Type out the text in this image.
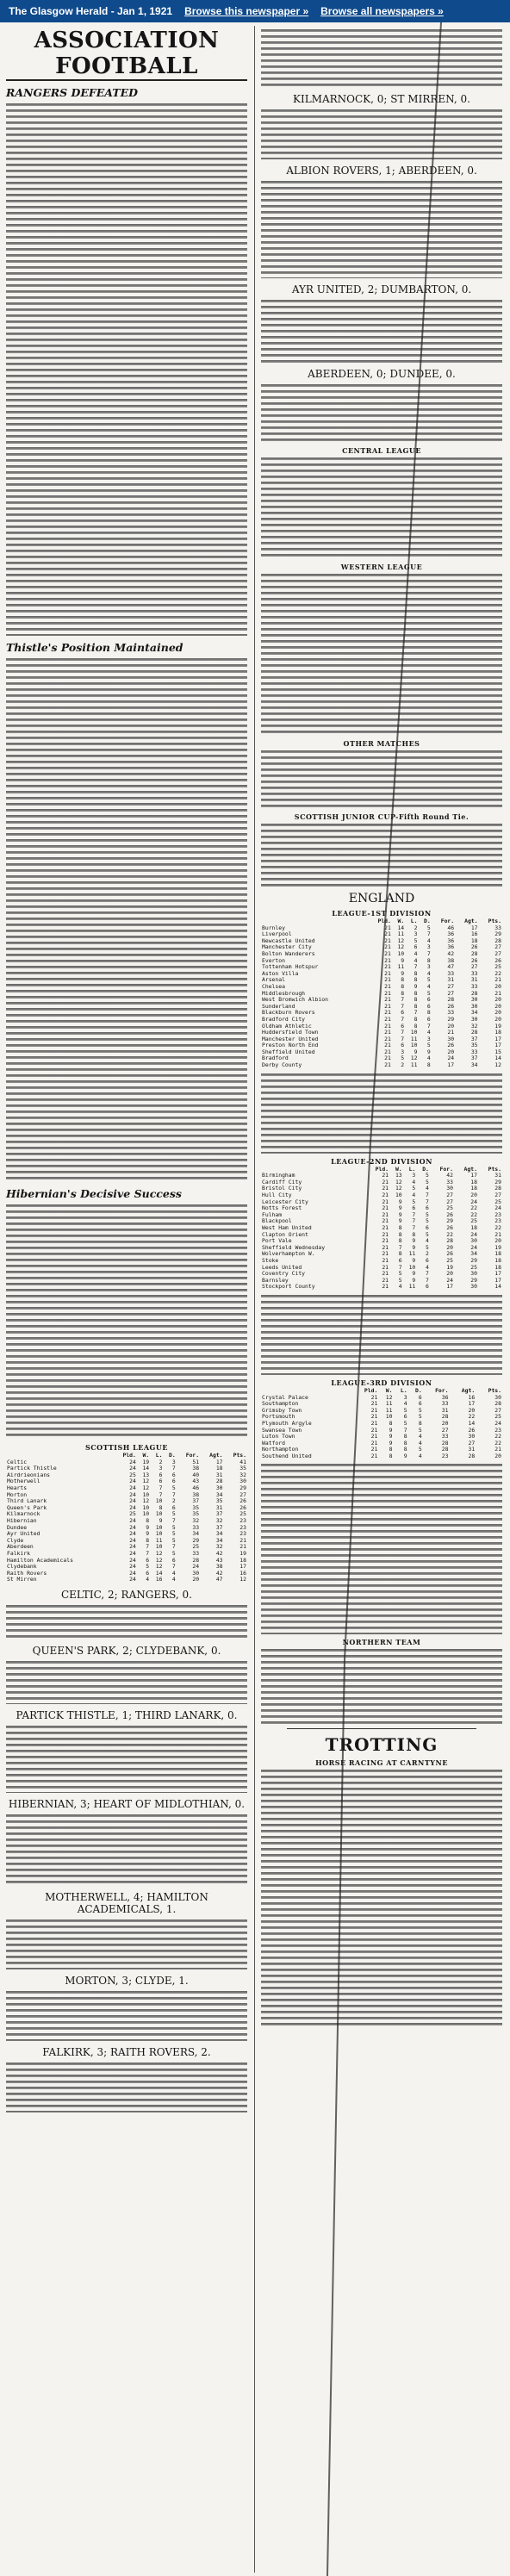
The Glasgow Herald - Jan 1, 1921 Browse this newspaper » Browse all newspapers »
ASSOCIATION FOOTBALL
RANGERS DEFEATED
Thistle's Position Maintained
Hibernian's Decisive Success
SCOTTISH LEAGUE
	Pld.	W.	L.	D.	For.	Agt.	Pts.
Celtic	24	19	2	3	51	17	41
Partick Thistle	24	14	3	7	38	18	35
Airdrieonians	25	13	6	6	40	31	32
Motherwell	24	12	6	6	43	28	30
Hearts	24	12	7	5	46	30	29
Morton	24	10	7	7	38	34	27
Third Lanark	24	12	10	2	37	35	26
Queen's Park	24	10	8	6	35	31	26
Kilmarnock	25	10	10	5	35	37	25
Hibernian	24	8	9	7	32	32	23
Dundee	24	9	10	5	33	37	23
Ayr United	24	9	10	5	34	34	23
Clyde	24	8	11	5	29	34	21
Aberdeen	24	7	10	7	25	32	21
Falkirk	24	7	12	5	33	42	19
Hamilton Academicals	24	6	12	6	28	43	18
Clydebank	24	5	12	7	24	38	17
Raith Rovers	24	6	14	4	30	42	16
St Mirren	24	4	16	4	20	47	12
CELTIC, 2; RANGERS, 0.
QUEEN'S PARK, 2; CLYDEBANK, 0.
PARTICK THISTLE, 1; THIRD LANARK, 0.
HIBERNIAN, 3; HEART OF MIDLOTHIAN, 0.
MOTHERWELL, 4; HAMILTON ACADEMICALS, 1.
MORTON, 3; CLYDE, 1.
FALKIRK, 3; RAITH ROVERS, 2.
KILMARNOCK, 0; ST MIRREN, 0.
ALBION ROVERS, 1; ABERDEEN, 0.
AYR UNITED, 2; DUMBARTON, 0.
ABERDEEN, 0; DUNDEE, 0.
CENTRAL LEAGUE
WESTERN LEAGUE
OTHER MATCHES
SCOTTISH JUNIOR CUP-Fifth Round Tie.
ENGLAND
LEAGUE-1ST DIVISION
	Pld.	W.	L.	D.	For.	Agt.	Pts.
Burnley	21	14	2	5	46	17	33
Liverpool	21	11	3	7	36	16	29
Newcastle United	21	12	5	4	36	18	28
Manchester City	21	12	6	3	36	26	27
Bolton Wanderers	21	10	4	7	42	28	27
Everton	21	9	4	8	38	26	26
Tottenham Hotspur	21	11	7	3	47	27	25
Aston Villa	21	9	8	4	33	33	22
Arsenal	21	8	8	5	31	31	21
Chelsea	21	8	9	4	27	33	20
Middlesbrough	21	8	8	5	27	28	21
West Bromwich Albion	21	7	8	6	28	30	20
Sunderland	21	7	8	6	26	30	20
Blackburn Rovers	21	6	7	8	33	34	20
Bradford City	21	7	8	6	29	30	20
Oldham Athletic	21	6	8	7	20	32	19
Huddersfield Town	21	7	10	4	21	28	18
Manchester United	21	7	11	3	30	37	17
Preston North End	21	6	10	5	26	35	17
Sheffield United	21	3	9	9	20	33	15
Bradford	21	5	12	4	24	37	14
Derby County	21	2	11	8	17	34	12
LEAGUE-2ND DIVISION
	Pld.	W.	L.	D.	For.	Agt.	Pts.
Birmingham	21	13	3	5	42	17	31
Cardiff City	21	12	4	5	33	18	29
Bristol City	21	12	5	4	30	18	28
Hull City	21	10	4	7	27	20	27
Leicester City	21	9	5	7	27	24	25
Notts Forest	21	9	6	6	25	22	24
Fulham	21	9	7	5	26	22	23
Blackpool	21	9	7	5	29	25	23
West Ham United	21	8	7	6	26	18	22
Clapton Orient	21	8	8	5	22	24	21
Port Vale	21	8	9	4	28	30	20
Sheffield Wednesday	21	7	9	5	20	24	19
Wolverhampton W.	21	8	11	2	26	34	18
Stoke	21	6	9	6	25	29	18
Leeds United	21	7	10	4	19	25	18
Coventry City	21	5	9	7	20	30	17
Barnsley	21	5	9	7	24	29	17
Stockport County	21	4	11	6	17	30	14
LEAGUE-3RD DIVISION
	Pld.	W.	L.	D.	For.	Agt.	Pts.
Crystal Palace	21	12	3	6	36	16	30
Southampton	21	11	4	6	33	17	28
Grimsby Town	21	11	5	5	31	20	27
Portsmouth	21	10	6	5	28	22	25
Plymouth Argyle	21	8	5	8	20	14	24
Swansea Town	21	9	7	5	27	26	23
Luton Town	21	9	8	4	33	30	22
Watford	21	9	8	4	28	27	22
Northampton	21	8	8	5	28	31	21
Southend United	21	8	9	4	23	28	20
NORTHERN TEAM
TROTTING
HORSE RACING AT CARNTYNE
